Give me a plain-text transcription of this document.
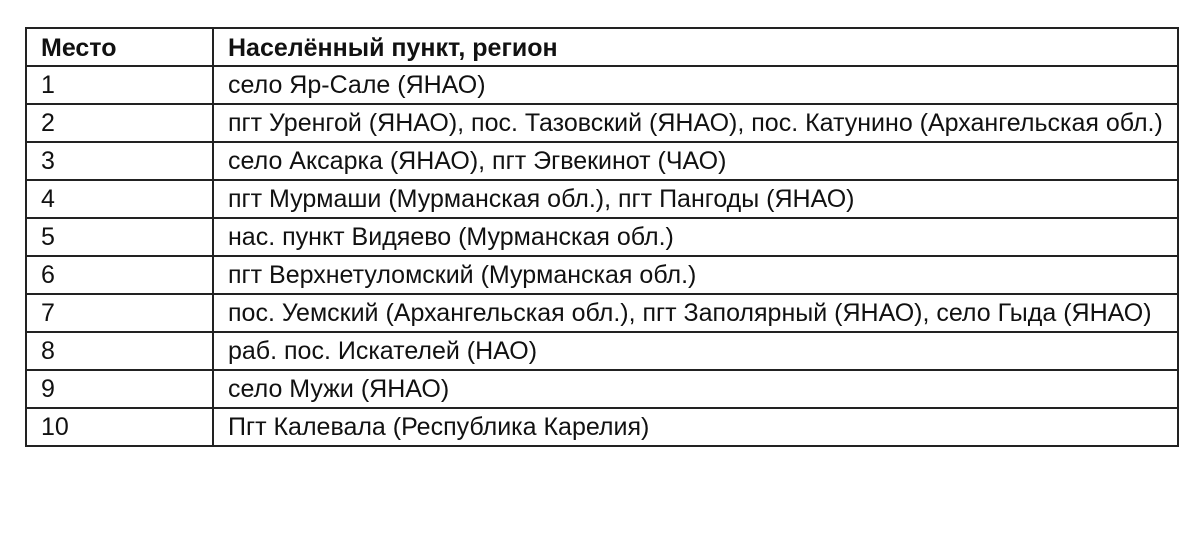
Место	Населённый пункт, регион
1	село Яр-Сале (ЯНАО)
2	пгт Уренгой (ЯНАО), пос. Тазовский (ЯНАО), пос. Катунино (Архангельская обл.)
3	село Аксарка (ЯНАО), пгт Эгвекинот (ЧАО)
4	пгт Мурмаши (Мурманская обл.), пгт Пангоды (ЯНАО)
5	нас. пункт Видяево (Мурманская обл.)
6	пгт Верхнетуломский (Мурманская обл.)
7	пос. Уемский (Архангельская обл.), пгт Заполярный (ЯНАО), село Гыда (ЯНАО)
8	раб. пос. Искателей (НАО)
9	село Мужи (ЯНАО)
10	Пгт Калевала (Республика Карелия)
